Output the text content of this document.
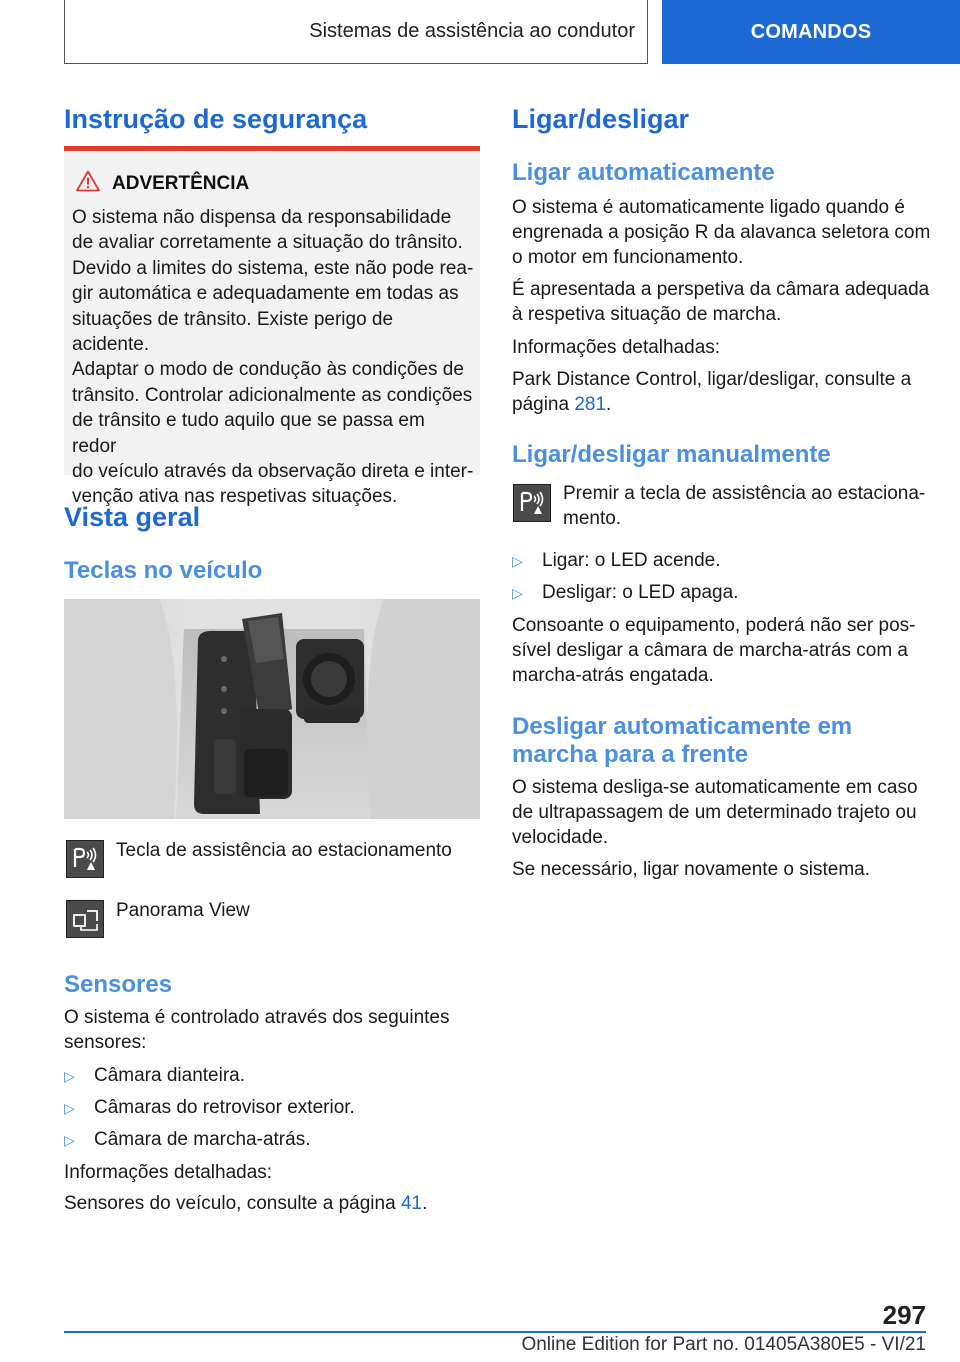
Sistemas de assistência ao condutor	COMANDOS
Instrução de segurança
ADVERTÊNCIA
O sistema não dispensa da responsabilidade
de avaliar corretamente a situação do trânsito.
Devido a limites do sistema, este não pode rea-
gir automática e adequadamente em todas as
situações de trânsito. Existe perigo de acidente.
Adaptar o modo de condução às condições de
trânsito. Controlar adicionalmente as condições
de trânsito e tudo aquilo que se passa em redor
do veículo através da observação direta e inter-
venção ativa nas respetivas situações.
Vista geral
Teclas no veículo
Tecla de assistência ao estacionamento
Panorama View
Sensores
O sistema é controlado através dos seguintes
sensores:
▷ Câmara dianteira.
▷ Câmaras do retrovisor exterior.
▷ Câmara de marcha-atrás.
Informações detalhadas:
Sensores do veículo, consulte a página 41.
Ligar/desligar
Ligar automaticamente
O sistema é automaticamente ligado quando é
engrenada a posição R da alavanca seletora com
o motor em funcionamento.
É apresentada a perspetiva da câmara adequada
à respetiva situação de marcha.
Informações detalhadas:
Park Distance Control, ligar/desligar, consulte a
página 281.
Ligar/desligar manualmente
Premir a tecla de assistência ao estaciona-
mento.
▷ Ligar: o LED acende.
▷ Desligar: o LED apaga.
Consoante o equipamento, poderá não ser pos-
sível desligar a câmara de marcha-atrás com a
marcha-atrás engatada.
Desligar automaticamente em
marcha para a frente
O sistema desliga-se automaticamente em caso
de ultrapassagem de um determinado trajeto ou
velocidade.
Se necessário, ligar novamente o sistema.
297
Online Edition for Part no. 01405A380E5 - VI/21
